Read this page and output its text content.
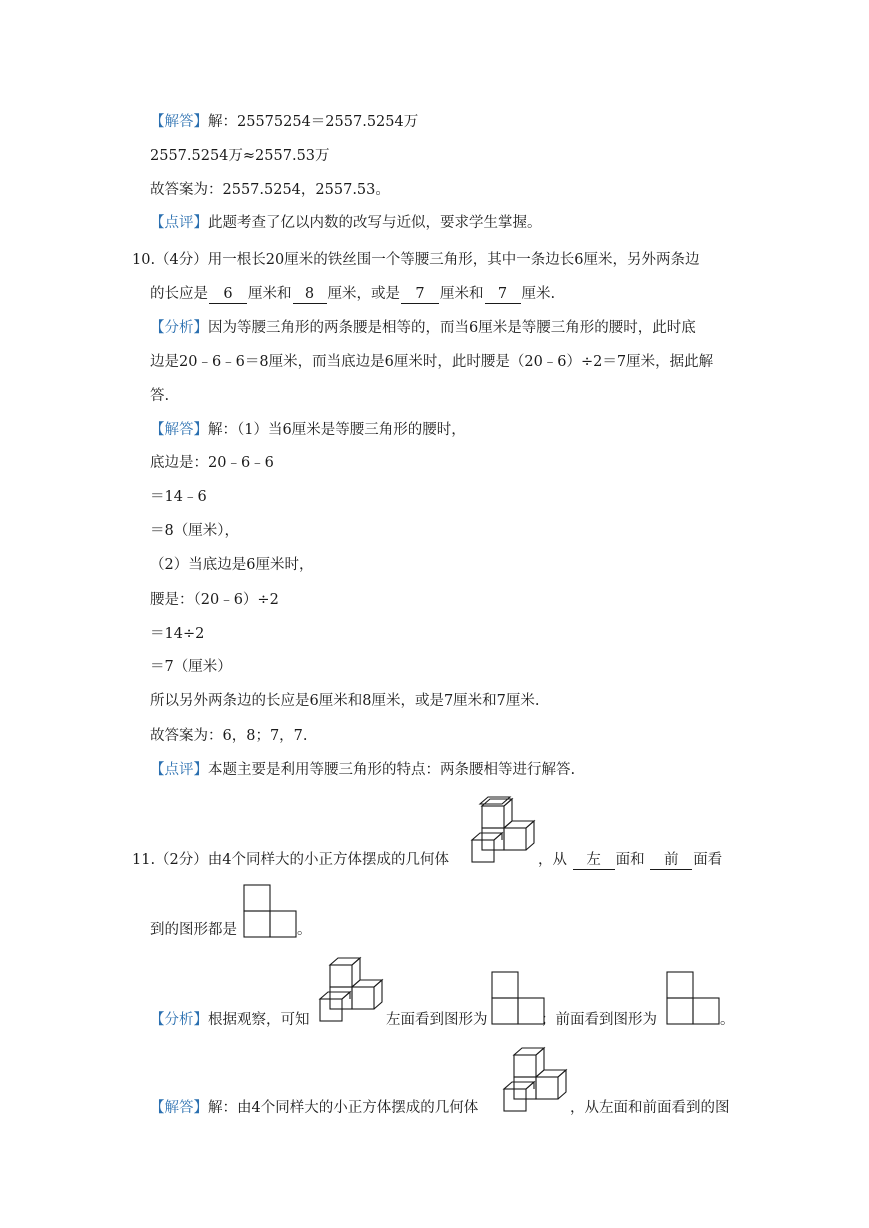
【解答】解：25575254＝2557.5254万
2557.5254万≈2557.53万
故答案为：2557.5254，2557.53。
【点评】此题考查了亿以内数的改写与近似，要求学生掌握。
10.（4分）用一根长20厘米的铁丝围一个等腰三角形，其中一条边长6厘米，另外两条边
的长应是 6 厘米和 8 厘米，或是 7 厘米和 7 厘米.
【分析】因为等腰三角形的两条腰是相等的，而当6厘米是等腰三角形的腰时，此时底
边是20﹣6﹣6＝8厘米，而当底边是6厘米时，此时腰是（20﹣6）÷2＝7厘米，据此解
答.
【解答】解：（1）当6厘米是等腰三角形的腰时，
底边是：20﹣6﹣6
＝14﹣6
＝8（厘米），
（2）当底边是6厘米时，
腰是：（20﹣6）÷2
＝14÷2
＝7（厘米）
所以另外两条边的长应是6厘米和8厘米，或是7厘米和7厘米.
故答案为：6，8；7，7.
【点评】本题主要是利用等腰三角形的特点：两条腰相等进行解答.
11.（2分）由4个同样大的小正方体摆成的几何体	，从 左 面和 前 面看
到的图形都是	。
【分析】根据观察，可知	左面看到图形为	；前面看到图形为	。
【解答】解：由4个同样大的小正方体摆成的几何体	，从左面和前面看到的图
